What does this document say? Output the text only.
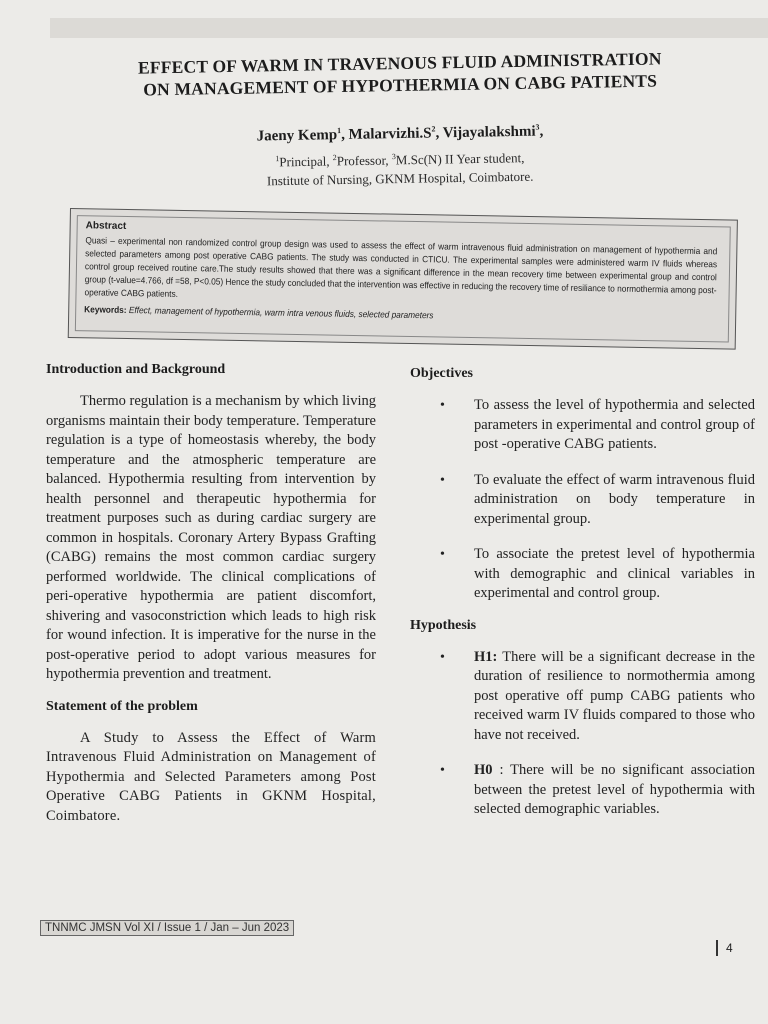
EFFECT OF WARM IN TRAVENOUS FLUID ADMINISTRATION
ON MANAGEMENT OF HYPOTHERMIA ON CABG PATIENTS
Jaeny Kemp$^1$, $Malarvizhi.S^2$, Vijayalakshmi$^3$,
$^1$Principal, $^2$Professor, $^3$M.Sc(N) II Year student,
Institute of Nursing, GKNM Hospital, Coimbatore.
Abstract
Quasi – experimental non randomized control group design was used to assess the effect of warm intravenous fluid administration on management of hypothermia and selected parameters among post operative CABG patients. The study was conducted in CTICU. The experimental samples were administered warm IV fluids whereas control group received routine care.The study results showed that there was a significant difference in the mean recovery time between experimental group and control group (t-value=4.766, df =58, P<0.05) Hence the study concluded that the intervention was effective in reducing the recovery time of resiliance to normothermia among post-operative CABG patients.
Keywords: Effect, management of hypothermia, warm intra venous fluids, selected parameters
Introduction and Background

Thermo regulation is a mechanism by which living organisms maintain their body temperature. Temperature regulation is a type of homeostasis whereby, the body temperature and the atmospheric temperature are balanced. Hypothermia resulting from intervention by health personnel and therapeutic hypothermia for treatment purposes such as during cardiac surgery are common in hospitals. Coronary Artery Bypass Grafting (CABG) remains the most common cardiac surgery performed worldwide. The clinical complications of peri-operative hypothermia are patient discomfort, shivering and vasoconstriction which leads to high risk for wound infection. It is imperative for the nurse in the post-operative period to adopt various measures for hypothermia prevention and treatment.

Statement of the problem

A Study to Assess the Effect of Warm Intravenous Fluid Administration on Management of Hypothermia and Selected Parameters among Post Operative CABG Patients in GKNM Hospital, Coimbatore.

Objectives
• To assess the level of hypothermia and selected parameters in experimental and control group of post -operative CABG patients.
• To evaluate the effect of warm intravenous fluid administration on body temperature in experimental group.
• To associate the pretest level of hypothermia with demographic and clinical variables in experimental and control group.
Hypothesis
• H1: There will be a significant decrease in the duration of resilience to normothermia among post operative off pump CABG patients who received warm IV fluids compared to those who have not received.
• H0 : There will be no significant association between the pretest level of hypothermia with selected demographic variables.
TNNMC JMSN Vol XI / Issue 1 / Jan – Jun 2023
4
